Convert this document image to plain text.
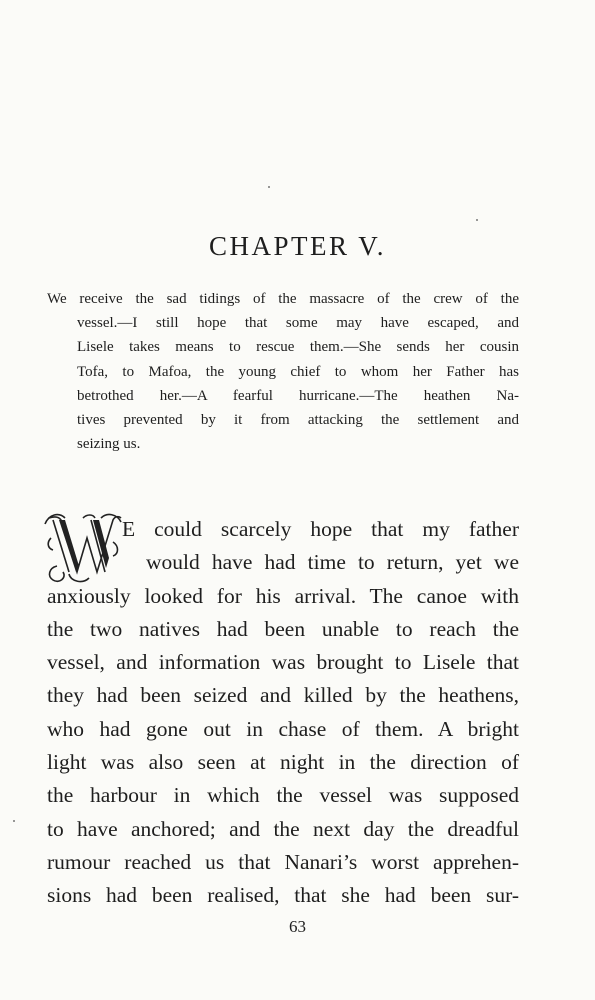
CHAPTER V.

We receive the sad tidings of the massacre of the crew of the
vessel.—I still hope that some may have escaped, and
Lisele takes means to rescue them.—She sends her cousin
Tofa, to Mafoa, the young chief to whom her Father has
betrothed her.—A fearful hurricane.—The heathen Na-
tives prevented by it from attacking the settlement and
seizing us.

E could scarcely hope that my father
would have had time to return, yet we
anxiously looked for his arrival. The canoe with
the two natives had been unable to reach the
vessel, and information was brought to Lisele that
they had been seized and killed by the heathens,
who had gone out in chase of them. A bright
light was also seen at night in the direction of
the harbour in which the vessel was supposed
to have anchored; and the next day the dreadful
rumour reached us that Nanari’s worst apprehen-
sions had been realised, that she had been sur-
63
